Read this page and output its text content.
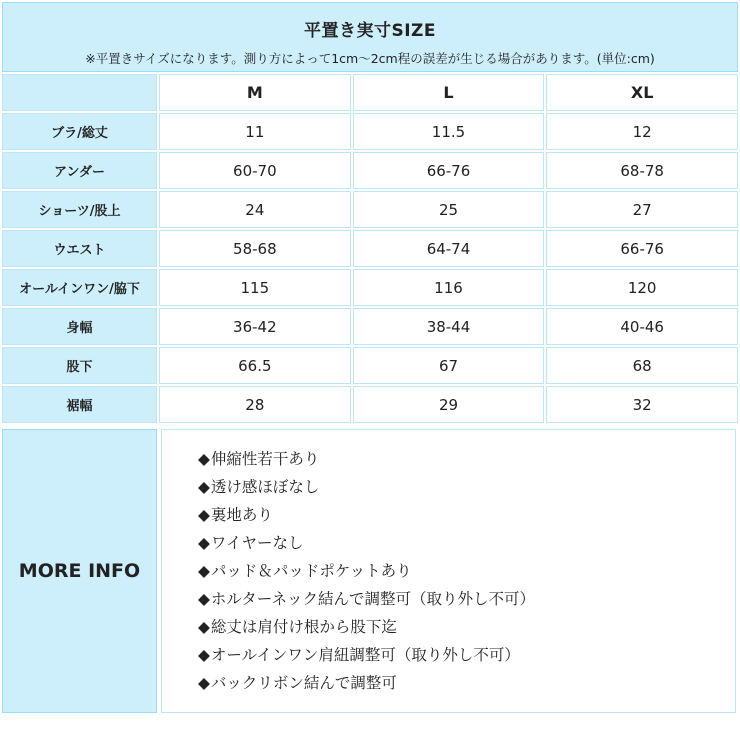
平置き実寸SIZE
※平置きサイズになります。測り方によって1cm〜2cm程の誤差が生じる場合があります。(単位:cm)
	M	L	XL
ブラ/総丈	11	11.5	12
アンダー	60-70	66-76	68-78
ショーツ/股上	24	25	27
ウエスト	58-68	64-74	66-76
オールインワン/脇下	115	116	120
身幅	36-42	38-44	40-46
股下	66.5	67	68
裾幅	28	29	32
MORE INFO
◆伸縮性若干あり
◆透け感ほぼなし
◆裏地あり
◆ワイヤーなし
◆パッド＆パッドポケットあり
◆ホルターネック結んで調整可（取り外し不可）
◆総丈は肩付け根から股下迄
◆オールインワン肩紐調整可（取り外し不可）
◆バックリボン結んで調整可
